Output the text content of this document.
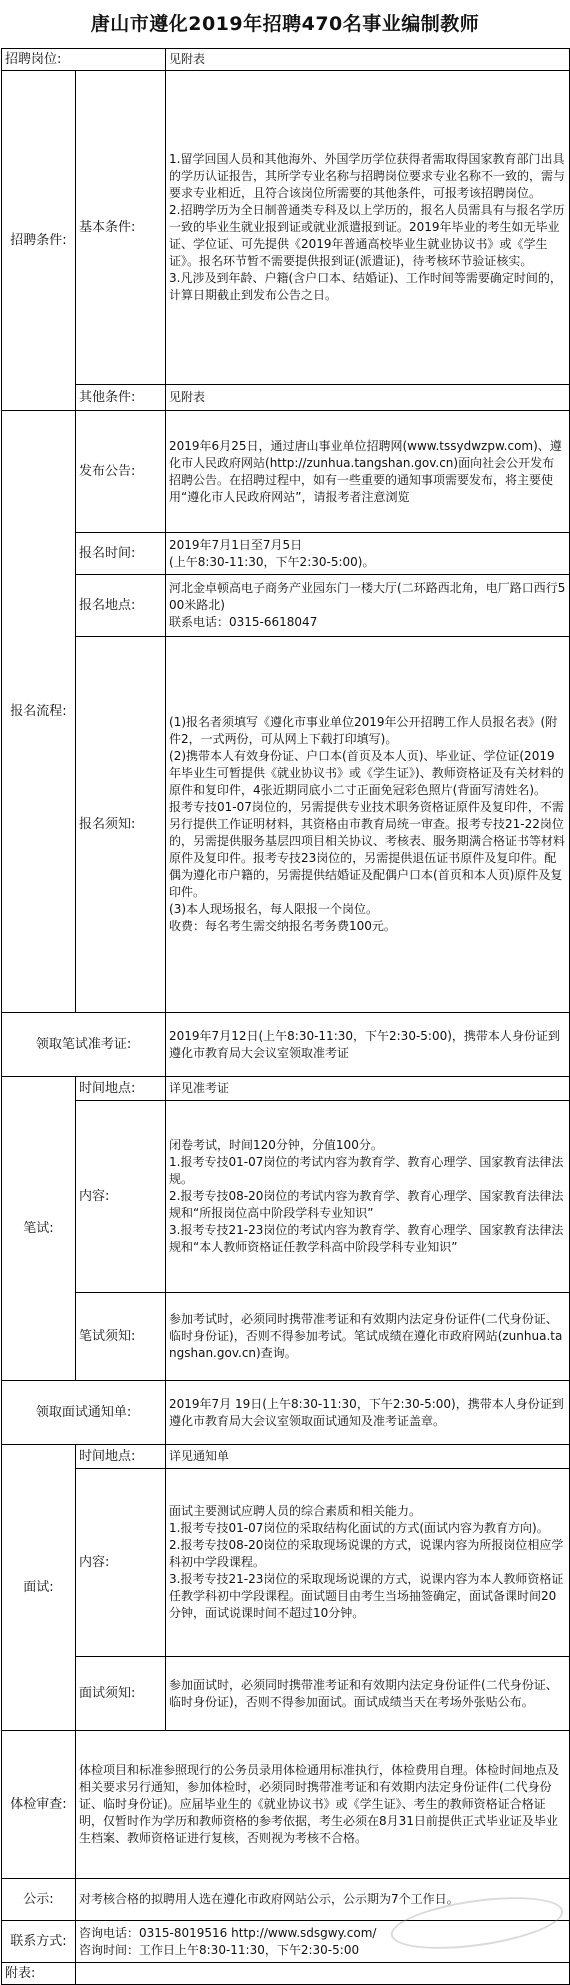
唐山市遵化2019年招聘470名事业编制教师
招聘岗位:		见附表
招聘条件:	基本条件:	1.留学回国人员和其他海外、外国学历学位获得者需取得国家教育部门出具的学历认证报告，其所学专业名称与招聘岗位要求专业名称不一致的，需与要求专业相近，且符合该岗位所需要的其他条件，可报考该招聘岗位。
2.招聘学历为全日制普通类专科及以上学历的，报名人员需具有与报名学历一致的毕业生就业报到证或就业派遣报到证。2019年毕业的考生如无毕业证、学位证、可先提供《2019年普通高校毕业生就业协议书》或《学生证》。报名环节暂不需要提供报到证(派遣证)，待考核环节验证核实。
3.凡涉及到年龄、户籍(含户口本、结婚证)、工作时间等需要确定时间的，计算日期截止到发布公告之日。
	其他条件:	见附表
报名流程:	发布公告:	2019年6月25日，通过唐山事业单位招聘网(www.tssydwzpw.com)、遵化市人民政府网站(http://zunhua.tangshan.gov.cn)面向社会公开发布招聘公告。在招聘过程中，如有一些重要的通知事项需要发布，将主要使用“遵化市人民政府网站”，请报考者注意浏览
	报名时间:	2019年7月1日至7月5日
(上午8:30-11:30，下午2:30-5:00)。
	报名地点:	河北金卓顿高电子商务产业园东门一楼大厅(二环路西北角，电厂路口西行500米路北)
联系电话：0315-6618047
	报名须知:	(1)报名者须填写《遵化市事业单位2019年公开招聘工作人员报名表》(附件2，一式两份，可从网上下载打印填写)。
(2)携带本人有效身份证、户口本(首页及本人页)、毕业证、学位证(2019年毕业生可暂提供《就业协议书》或《学生证》)、教师资格证及有关材料的原件和复印件，4张近期同底小二寸正面免冠彩色照片(背面写清姓名)。
报考专技01-07岗位的，另需提供专业技术职务资格证原件及复印件，不需另行提供工作证明材料，其资格由市教育局统一审查。报考专技21-22岗位的，另需提供服务基层四项目相关协议、考核表、服务期满合格证书等材料原件及复印件。报考专技23岗位的，另需提供退伍证书原件及复印件。配偶为遵化市户籍的，另需提供结婚证及配偶户口本(首页和本人页)原件及复印件。
(3)本人现场报名，每人限报一个岗位。
收费：每名考生需交纳报名考务费100元。
领取笔试准考证:		2019年7月12日(上午8:30-11:30，下午2:30-5:00)，携带本人身份证到遵化市教育局大会议室领取准考证
笔试:	时间地点:	详见准考证
	内容:	闭卷考试，时间120分钟，分值100分。
1.报考专技01-07岗位的考试内容为教育学、教育心理学、国家教育法律法规。
2.报考专技08-20岗位的考试内容为教育学、教育心理学、国家教育法律法规和“所报岗位高中阶段学科专业知识”
3.报考专技21-23岗位的考试内容为教育学、教育心理学、国家教育法律法规和“本人教师资格证任教学科高中阶段学科专业知识”
	笔试须知:	参加考试时，必须同时携带准考证和有效期内法定身份证件(二代身份证、临时身份证)，否则不得参加考试。笔试成绩在遵化市政府网站(zunhua.tangshan.gov.cn)查询。
领取面试通知单:		2019年7月 19日(上午8:30-11:30，下午2:30-5:00)，携带本人身份证到遵化市教育局大会议室领取面试通知及准考证盖章。
面试:	时间地点:	详见通知单
	内容:	面试主要测试应聘人员的综合素质和相关能力。
1.报考专技01-07岗位的采取结构化面试的方式(面试内容为教育方向)。
2.报考专技08-20岗位的采取现场说课的方式，说课内容为所报岗位相应学科初中学段课程。
3.报考专技21-23岗位的采取现场说课的方式，说课内容为本人教师资格证任教学科初中学段课程。面试题目由考生当场抽签确定，面试备课时间20分钟，面试说课时间不超过10分钟。
	面试须知:	参加面试时，必须同时携带准考证和有效期内法定身份证件(二代身份证、临时身份证)，否则不得参加面试。面试成绩当天在考场外张贴公布。
体检审查:	体检项目和标准参照现行的公务员录用体检通用标准执行，体检费用自理。体检时间地点及相关要求另行通知，参加体检时，必须同时携带准考证和有效期内法定身份证件(二代身份证、临时身份证)。应届毕业生的《就业协议书》或《学生证》、考生的教师资格证合格证明，仅暂时作为学历和教师资格的参考依据，考生必须在8月31日前提供正式毕业证及毕业生档案、教师资格证进行复核，否则视为考核不合格。	
公示:	对考核合格的拟聘用人选在遵化市政府网站公示，公示期为7个工作日。	
联系方式:	咨询电话：0315-8019516 http://www.sdsgwy.com/
咨询时间：工作日上午8:30-11:30，下午2:30-5:00	
附表:		
